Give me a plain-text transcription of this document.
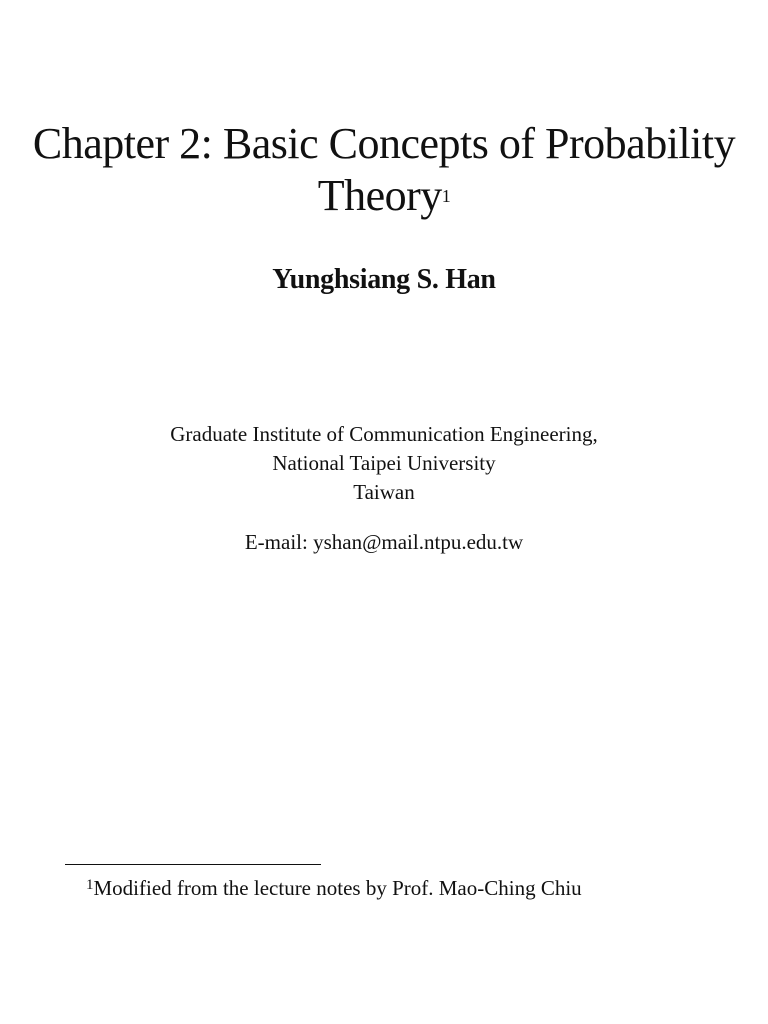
Chapter 2: Basic Concepts of Probability
Theory$^1$
Yunghsiang S. Han
Graduate Institute of Communication Engineering,
National Taipei University
Taiwan
E-mail: yshan@mail.ntpu.edu.tw
$^1$Modified from the lecture notes by Prof. Mao-Ching Chiu
